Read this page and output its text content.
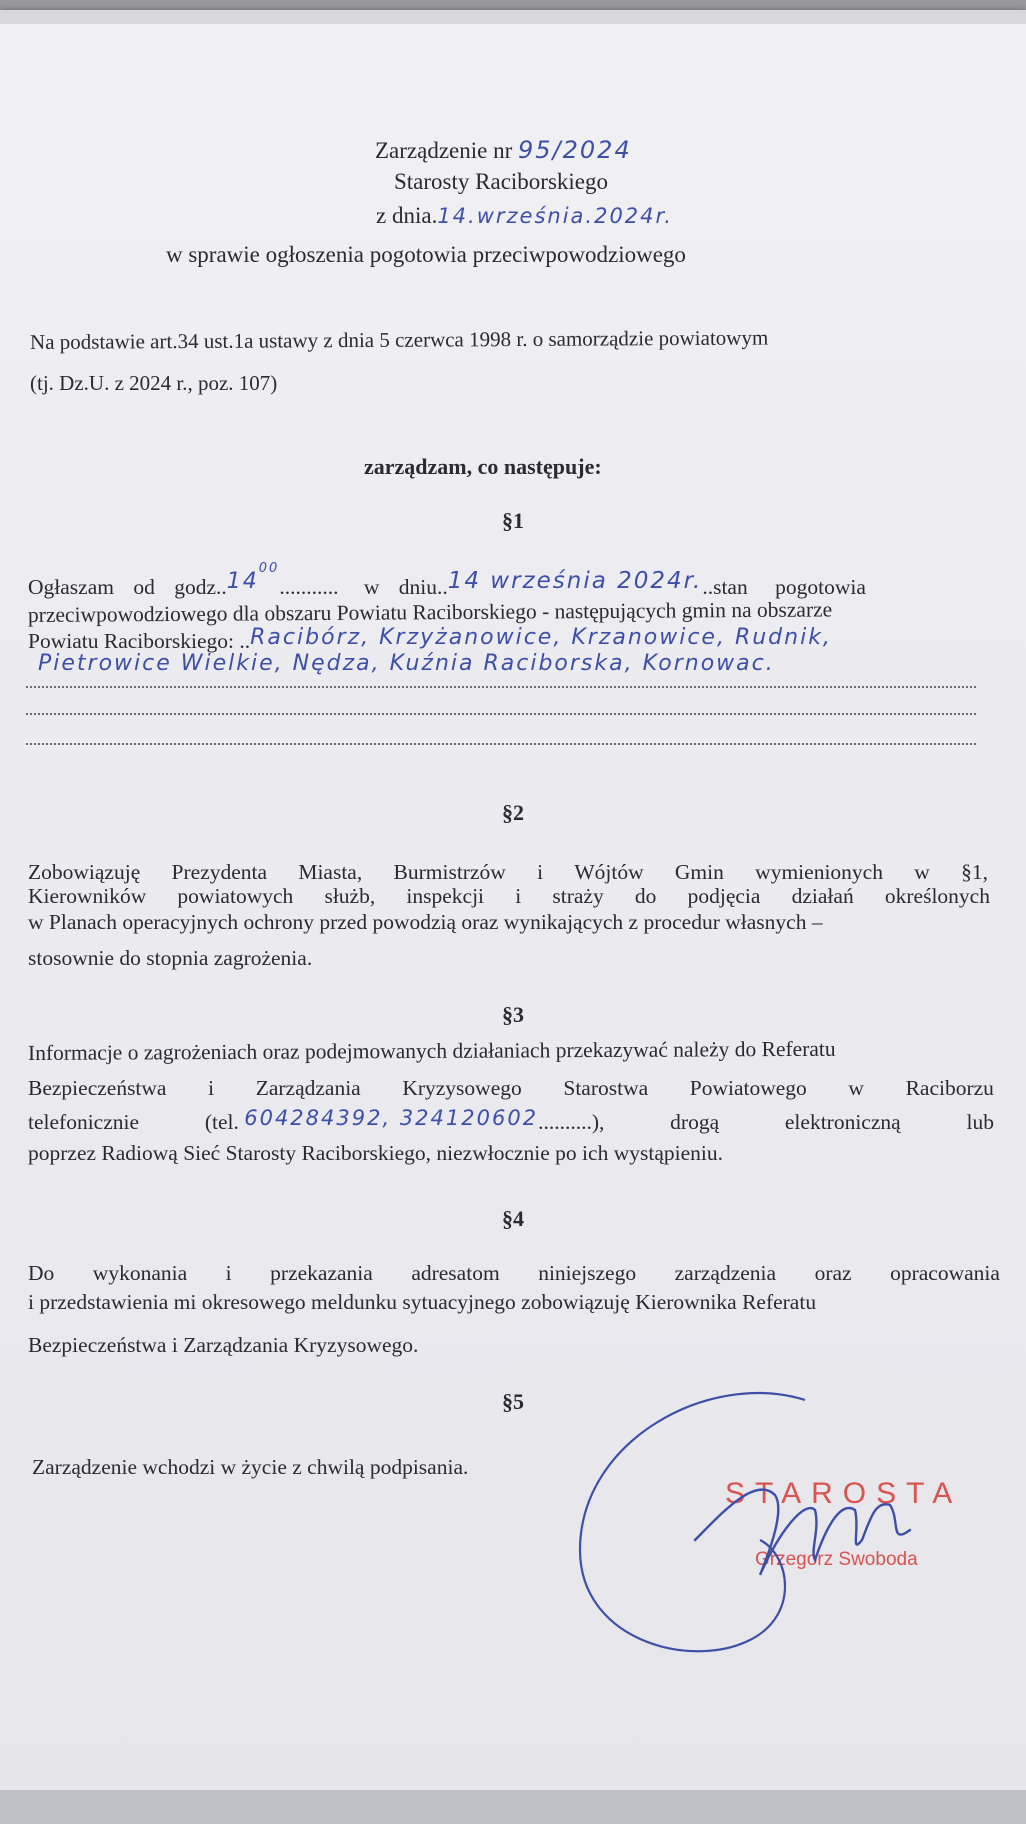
Zarządzenie nr 95/2024
Starosty Raciborskiego
z dnia.14.września.2024r.
w sprawie ogłoszenia pogotowia przeciwpowodziowego
Na podstawie art.34 ust.1a ustawy z dnia 5 czerwca 1998 r. o samorządzie powiatowym
(tj. Dz.U. z 2024 r., poz. 107)
zarządzam, co następuje:
§1
Ogłaszam od godz..14$^{00}$........... w dniu..14 września 2024r...stan pogotowia
przeciwpowodziowego dla obszaru Powiatu Raciborskiego - następujących gmin na obszarze
Powiatu Raciborskiego: ..Racibórz, Krzyżanowice, Krzanowice, Rudnik,
Pietrowice Wielkie, Nędza, Kuźnia Raciborska, Kornowac.
§2
Zobowiązuję Prezydenta Miasta, Burmistrzów i Wójtów Gmin wymienionych w §1,
Kierowników powiatowych służb, inspekcji i straży do podjęcia działań określonych
w Planach operacyjnych ochrony przed powodzią oraz wynikających z procedur własnych –
stosownie do stopnia zagrożenia.
§3
Informacje o zagrożeniach oraz podejmowanych działaniach przekazywać należy do Referatu
Bezpieczeństwa i Zarządzania Kryzysowego Starostwa Powiatowego w Raciborzu
telefonicznie	(tel. 604284392, 324120602..........),	drogą	elektroniczną	lub
poprzez Radiową Sieć Starosty Raciborskiego, niezwłocznie po ich wystąpieniu.
§4
Do wykonania i przekazania adresatom niniejszego zarządzenia oraz opracowania
i przedstawienia mi okresowego meldunku sytuacyjnego zobowiązuję Kierownika Referatu
Bezpieczeństwa i Zarządzania Kryzysowego.
§5
Zarządzenie wchodzi w życie z chwilą podpisania.
STAROSTA
Grzegorz Swoboda
